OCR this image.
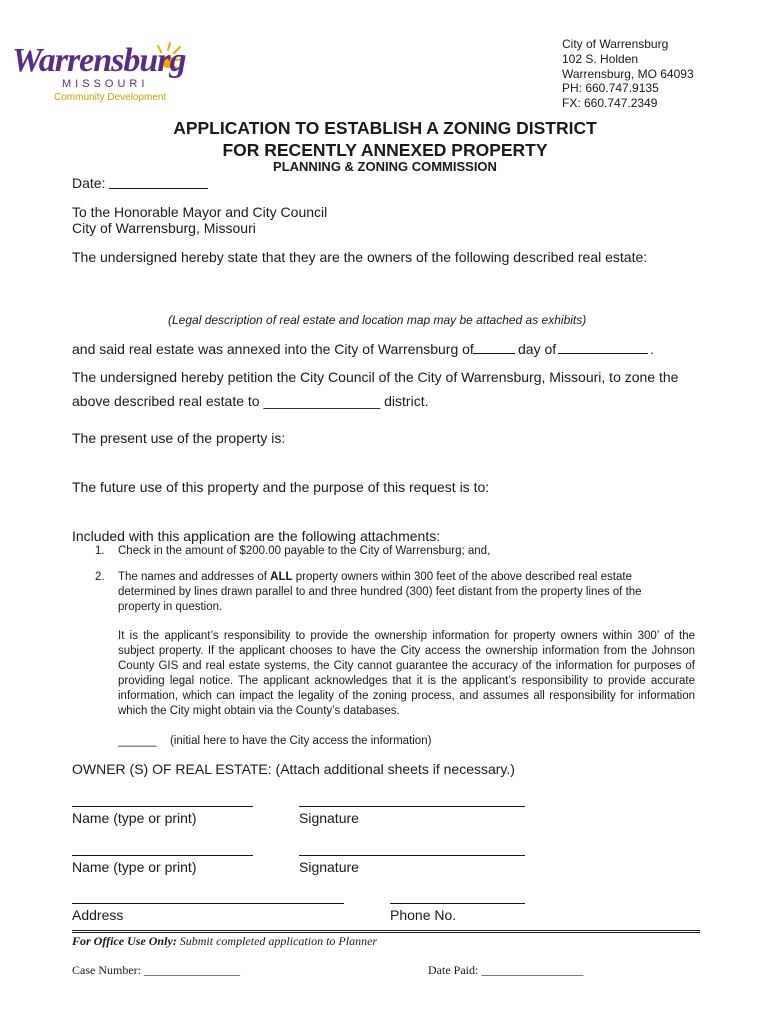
Warrensburg
MISSOURI
Community Development
City of Warrensburg
102 S. Holden
Warrensburg, MO 64093
PH: 660.747.9135
FX: 660.747.2349
APPLICATION TO ESTABLISH A ZONING DISTRICT
FOR RECENTLY ANNEXED PROPERTY
PLANNING & ZONING COMMISSION
Date:
To the Honorable Mayor and City Council
City of Warrensburg, Missouri
The undersigned hereby state that they are the owners of the following described real estate:
(Legal description of real estate and location map may be attached as exhibits)
and said real estate was annexed into the City of Warrensburg of	day of	.
The undersigned hereby petition the City Council of the City of Warrensburg, Missouri, to zone the
above described real estate to _______________ district.
The present use of the property is:
The future use of this property and the purpose of this request is to:
Included with this application are the following attachments:
1. Check in the amount of $200.00 payable to the City of Warrensburg; and,
2. The names and addresses of ALL property owners within 300 feet of the above described real estate
determined by lines drawn parallel to and three hundred (300) feet distant from the property lines of the
property in question.
It is the applicant’s responsibility to provide the ownership information for property owners within 300’ of the subject property. If the applicant chooses to have the City access the ownership information from the Johnson County GIS and real estate systems, the City cannot guarantee the accuracy of the information for purposes of providing legal notice. The applicant acknowledges that it is the applicant’s responsibility to provide accurate information, which can impact the legality of the zoning process, and assumes all responsibility for information which the City might obtain via the County’s databases.
______ (initial here to have the City access the information)
OWNER (S) OF REAL ESTATE: (Attach additional sheets if necessary.)
Name (type or print)	Signature
Name (type or print)	Signature
Address	Phone No.
For Office Use Only: Submit completed application to Planner
Case Number: ________________	Date Paid: _________________
